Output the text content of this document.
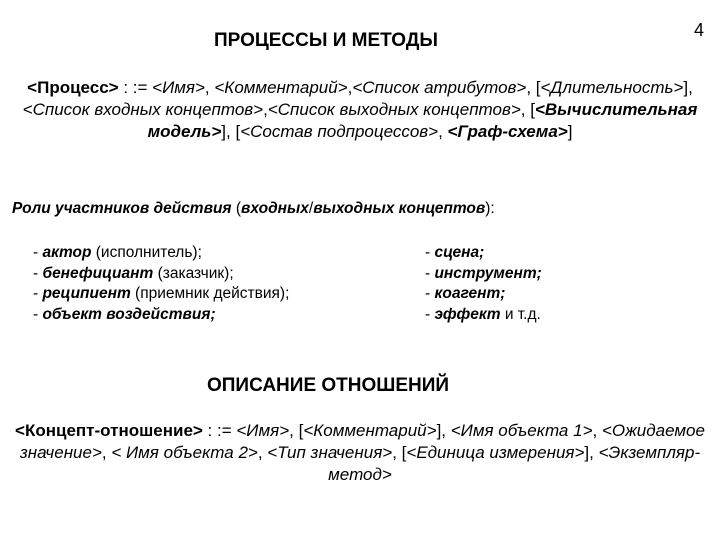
ПРОЦЕССЫ И МЕТОДЫ	4
<Процесс> : := <Имя>, <Комментарий>,<Список атрибутов>, [<Длительность>], <Список входных концептов>,<Список выходных концептов>, [<Вычислительная модель>], [<Состав подпроцессов>, <Граф-схема>]
Роли участников действия (входных/выходных концептов):
- актор (исполнитель);
- бенефициант (заказчик);
- реципиент (приемник действия);
- объект воздействия;
- сцена;
- инструмент;
- коагент;
- эффект и т.д.
ОПИСАНИЕ ОТНОШЕНИЙ
<Концепт-отношение> : := <Имя>, [<Комментарий>], <Имя объекта 1>, <Ожидаемое значение>, < Имя объекта 2>, <Тип значения>, [<Единица измерения>], <Экземпляр-метод>
